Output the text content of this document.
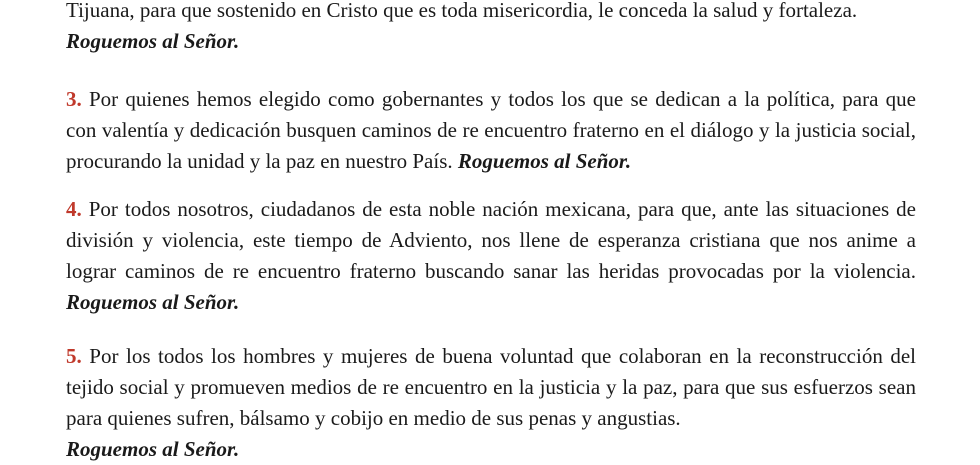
Tijuana, para que sostenido en Cristo que es toda misericordia, le conceda la salud y fortaleza.
Roguemos al Señor.

3. Por quienes hemos elegido como gobernantes y todos los que se dedican a la política, para que con valentía y dedicación busquen caminos de re encuentro fraterno en el diálogo y la justicia social, procurando la unidad y la paz en nuestro País. Roguemos al Señor.

4. Por todos nosotros, ciudadanos de esta noble nación mexicana, para que, ante las situaciones de división y violencia, este tiempo de Adviento, nos llene de esperanza cristiana que nos anime a lograr caminos de re encuentro fraterno buscando sanar las heridas provocadas por la violencia. Roguemos al Señor.

5. Por los todos los hombres y mujeres de buena voluntad que colaboran en la reconstrucción del tejido social y promueven medios de re encuentro en la justicia y la paz, para que sus esfuerzos sean para quienes sufren, bálsamo y cobijo en medio de sus penas y angustias.
Roguemos al Señor.
